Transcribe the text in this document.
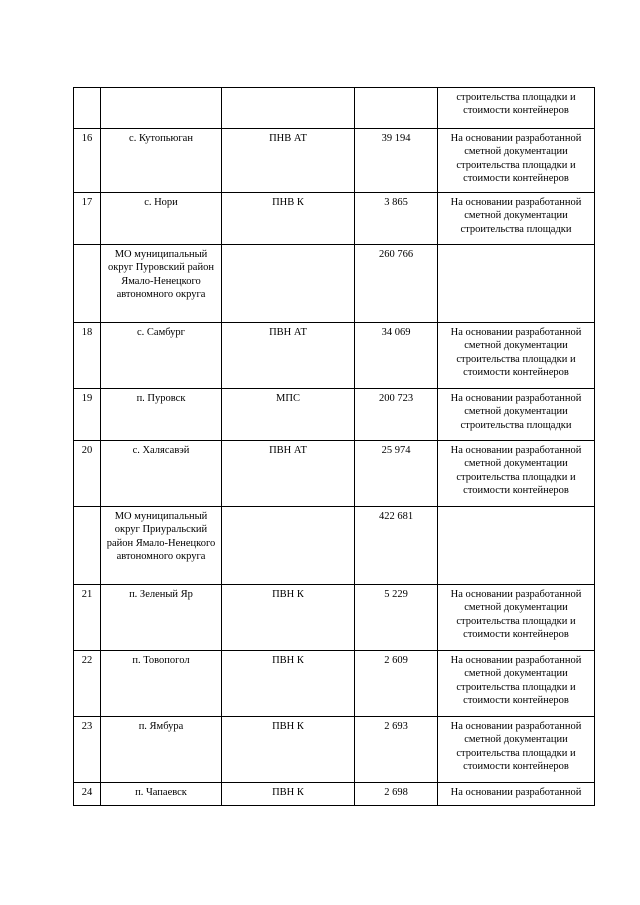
				строительства площадки и стоимости контейнеров
16	с. Кутопьюган	ПНВ АТ	39 194	На основании разработанной сметной документации строительства площадки и стоимости контейнеров
17	с. Нори	ПНВ К	3 865	На основании разработанной сметной документации строительства площадки
	МО муниципальный округ Пуровский район Ямало-Ненецкого автономного округа		260 766	
18	с. Самбург	ПВН АТ	34 069	На основании разработанной сметной документации строительства площадки и стоимости контейнеров
19	п. Пуровск	МПС	200 723	На основании разработанной сметной документации строительства площадки
20	с. Халясавэй	ПВН АТ	25 974	На основании разработанной сметной документации строительства площадки и стоимости контейнеров
	МО муниципальный округ Приуральский район Ямало-Ненецкого автономного округа		422 681	
21	п. Зеленый Яр	ПВН К	5 229	На основании разработанной сметной документации строительства площадки и стоимости контейнеров
22	п. Товопогол	ПВН К	2 609	На основании разработанной сметной документации строительства площадки и стоимости контейнеров
23	п. Ямбура	ПВН К	2 693	На основании разработанной сметной документации строительства площадки и стоимости контейнеров
24	п. Чапаевск	ПВН К	2 698	На основании разработанной
